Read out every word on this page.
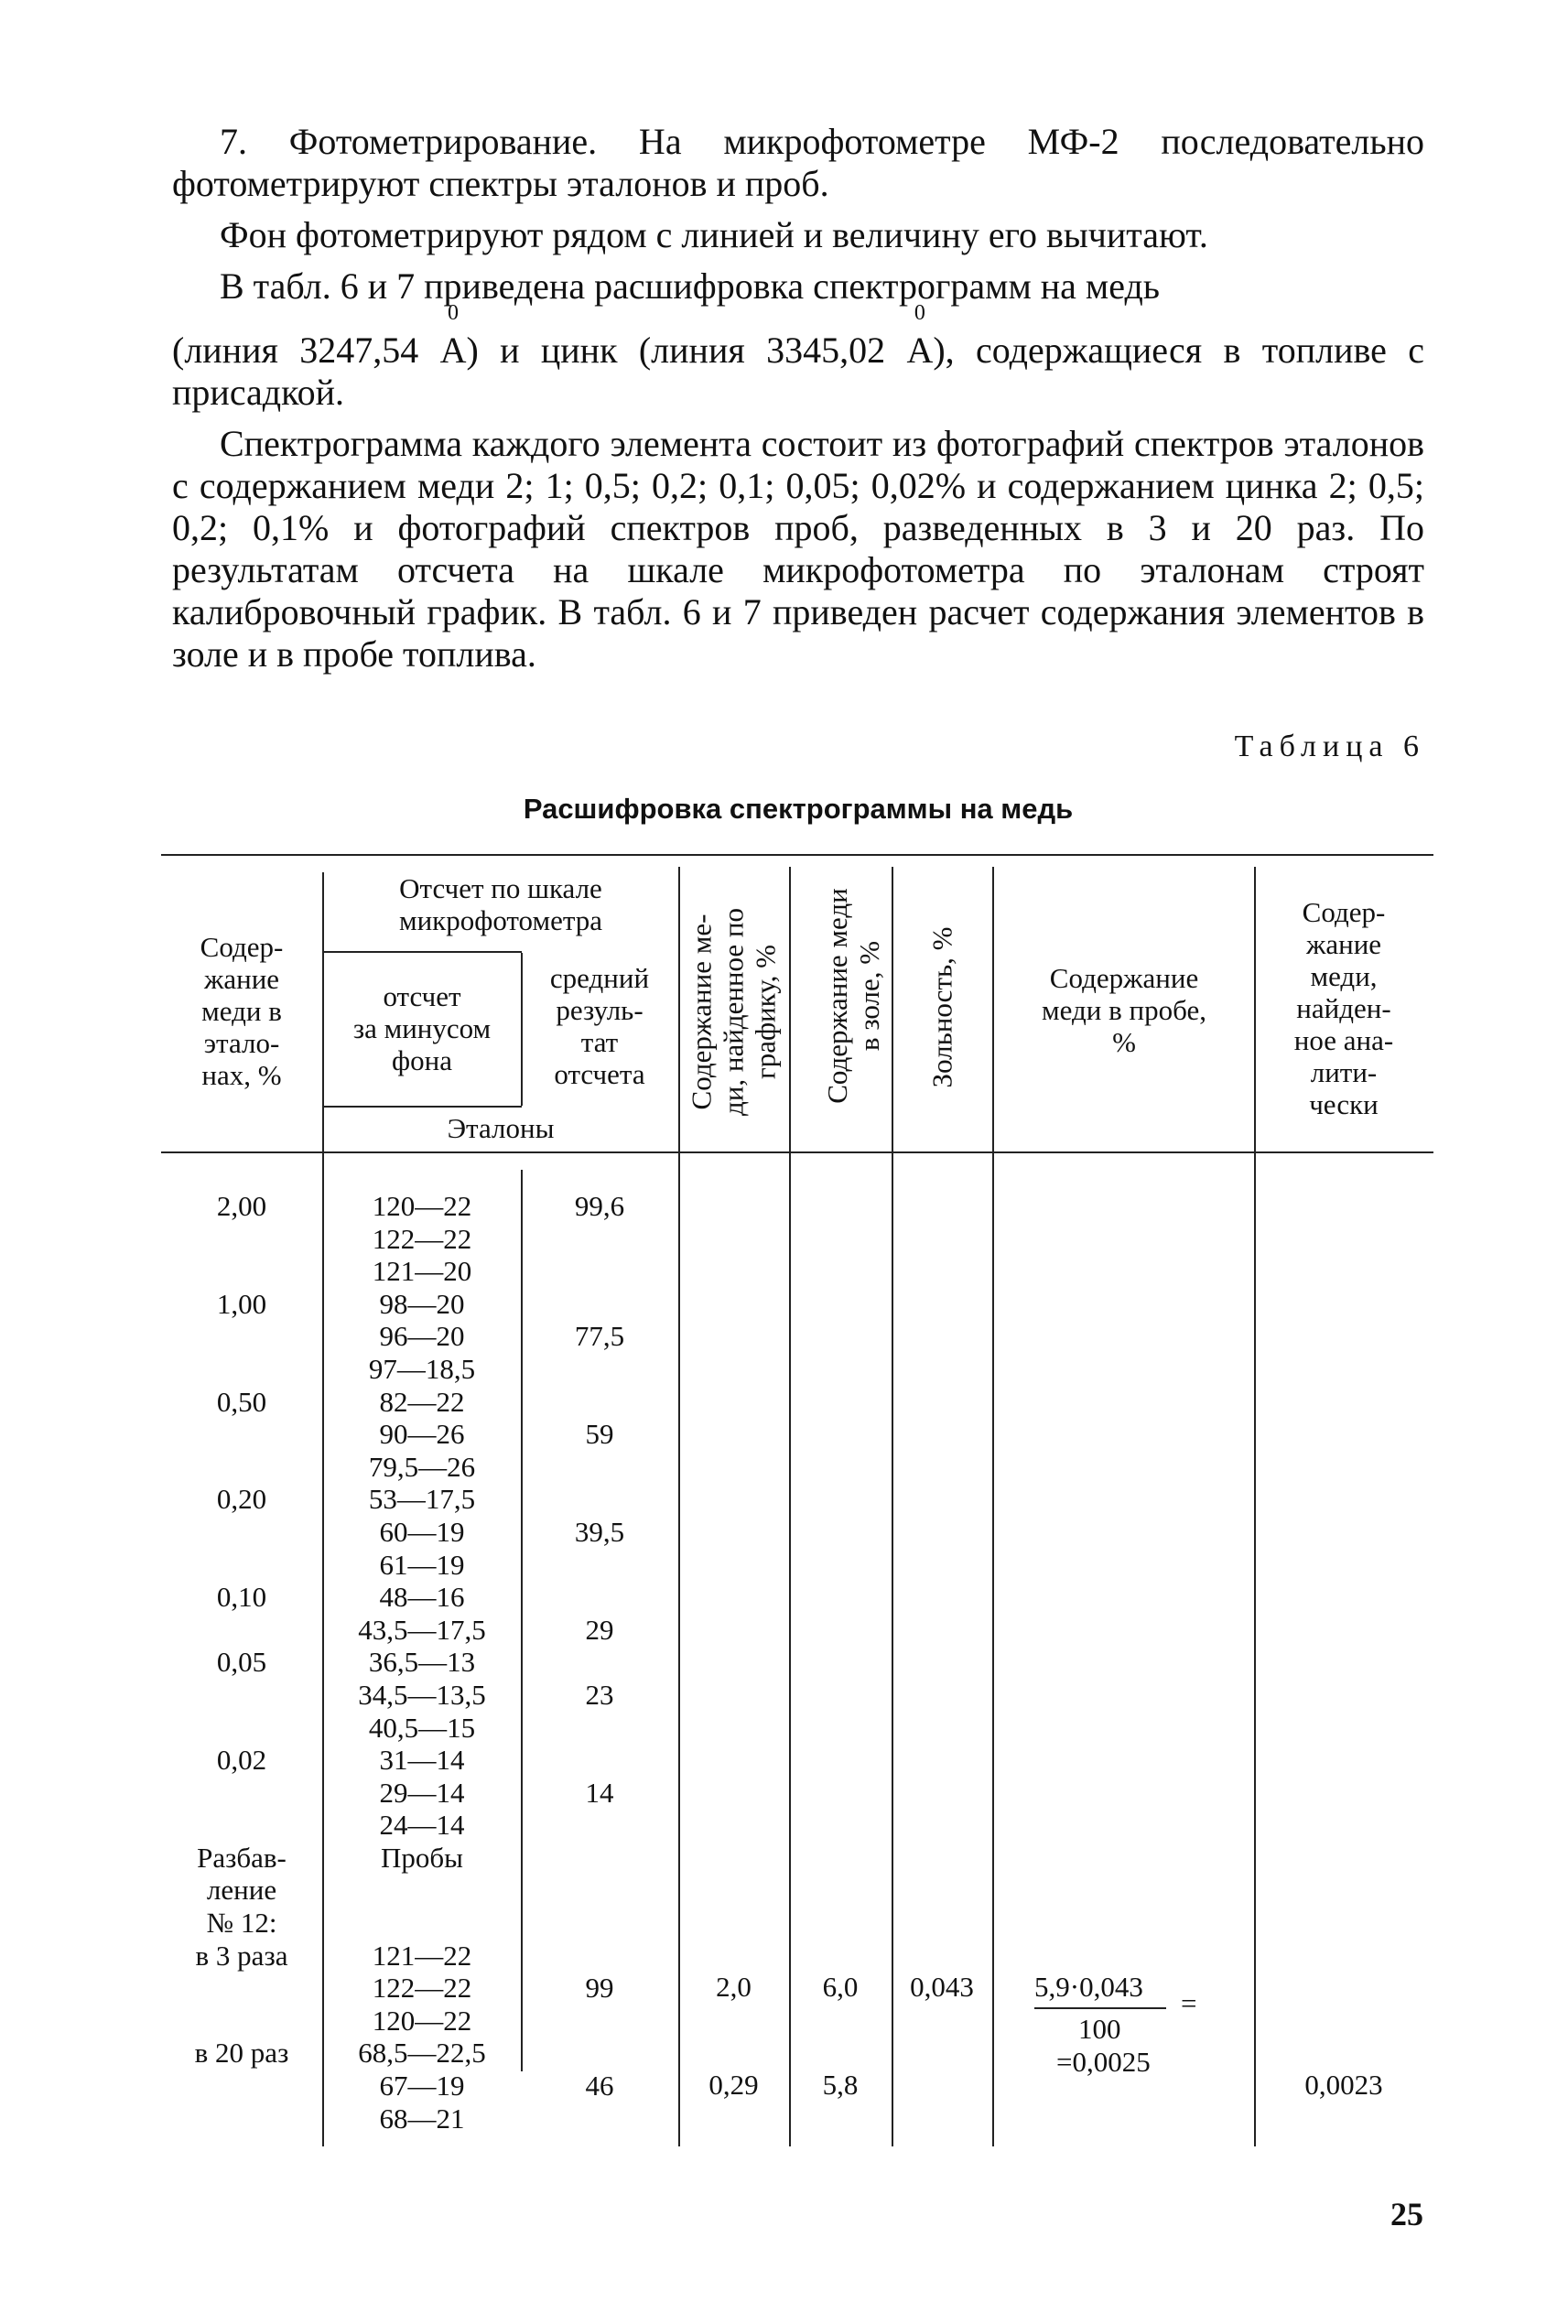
7. Фотометрирование. На микрофотометре МФ-2 последовательно фотометрируют спектры эталонов и проб.

Фон фотометрируют рядом с линией и величину его вычитают.

В табл. 6 и 7 приведена расшифровка спектрограмм на медь

(линия 3247,54
0
А) и цинк (линия 3345,02
0
А), содержащиеся в топливе с присадкой.

Спектрограмма каждого элемента состоит из фотографий спектров эталонов с содержанием меди 2; 1; 0,5; 0,2; 0,1; 0,05; 0,02% и содержанием цинка 2; 0,5; 0,2; 0,1% и фотографий спектров проб, разведенных в 3 и 20 раз. По результатам отсчета на шкале микрофотометра по эталонам строят калибровочный график. В табл. 6 и 7 приведен расчет содержания элементов в золе и в пробе топлива.

Таблица 6
Расшифровка спектрограммы на медь
Содер-
жание
меди в
этало-
нах, %
Отсчет по шкале
микрофотометра
отсчет
за минусом
фона
средний
резуль-
тат
отсчета
Эталоны
Содержание ме-
ди, найденное по
графику, % Содержание меди
в золе, % Зольность, %	Содержание
меди в пробе,
%
Содер-
жание
меди,
найден-
ное ана-
лити-
чески
2,00

1,00

0,50

0,20

0,10

0,05

0,02

Разбав-
ление
№ 12:
в 3 раза

в 20 раз
120—22
122—22
121—20
98—20
96—20
97—18,5
82—22
90—26
79,5—26
53—17,5
60—19
61—19
48—16
43,5—17,5
36,5—13
34,5—13,5
40,5—15
31—14
29—14
24—14
Пробы

121—22
122—22
120—22
68,5—22,5
67—19
68—21
99,6

77,5

59

39,5

29

23

14

99

46
2,0

0,29
6,0

5,8
0,043	5,9·0,043
=
100
=0,0025
0,0023
25
